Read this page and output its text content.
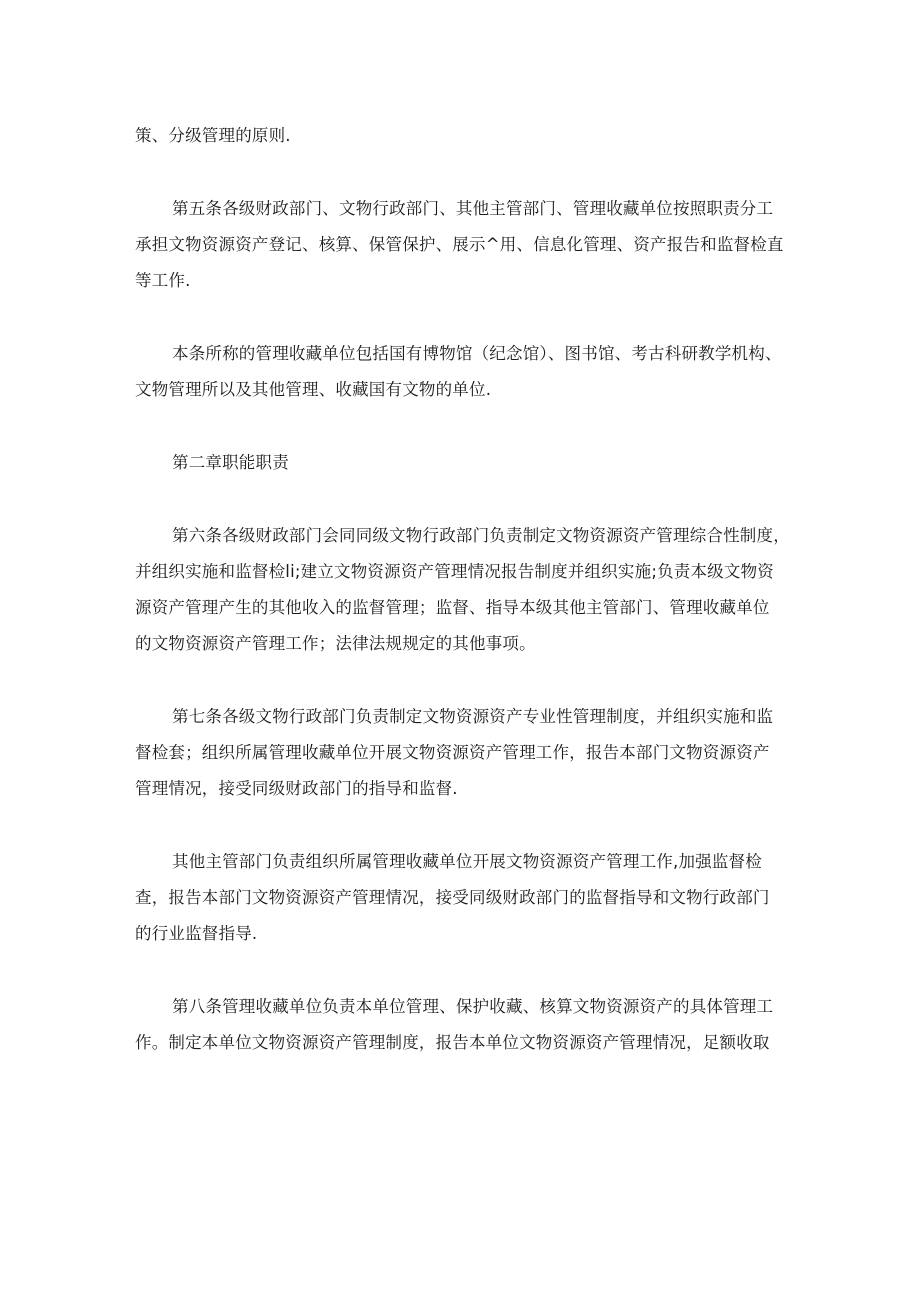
策、分级管理的原则.
第五条各级财政部门、文物行政部门、其他主管部门、管理收藏单位按照职责分工
承担文物资源资产登记、核算、保管保护、展示^用、信息化管理、资产报告和监督检直
等工作.
本条所称的管理收藏单位包括国有博物馆（纪念馆）、图书馆、考古科研教学机构、
文物管理所以及其他管理、收藏国有文物的单位.
第二章职能职责
第六条各级财政部门会同同级文物行政部门负责制定文物资源资产管理综合性制度，
并组织实施和监督检li;建立文物资源资产管理情况报告制度并组织实施;负责本级文物资
源资产管理产生的其他收入的监督管理；监督、指导本级其他主管部门、管理收藏单位
的文物资源资产管理工作；法律法规规定的其他事项。
第七条各级文物行政部门负责制定文物资源资产专业性管理制度，并组织实施和监
督检套；组织所属管理收藏单位开展文物资源资产管理工作，报告本部门文物资源资产
管理情况，接受同级财政部门的指导和监督.
其他主管部门负责组织所属管理收藏单位开展文物资源资产管理工作,加强监督检
查，报告本部门文物资源资产管理情况，接受同级财政部门的监督指导和文物行政部门
的行业监督指导.
第八条管理收藏单位负责本单位管理、保护收藏、核算文物资源资产的具体管理工
作。制定本单位文物资源资产管理制度，报告本单位文物资源资产管理情况，足额收取
